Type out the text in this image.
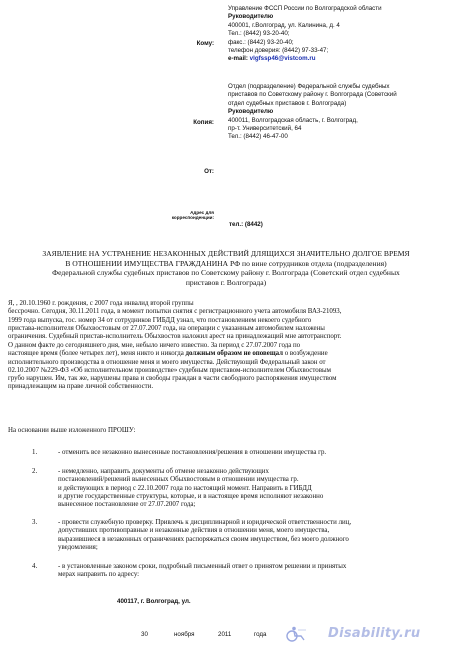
Кому:
Управление ФССП России по Волгоградской области
Руководителю
400001, г.Волгоград, ул. Калинина, д. 4
Тел.: (8442) 93-20-40;
факс.: (8442) 93-20-40;
телефон доверия: (8442) 97-33-47;
e-mail: vlgfssp46@vistcom.ru
Копия:
Отдел (подразделение) Федеральной службы судебных
приставов по Советскому району г. Волгограда (Советский
отдел судебных приставов г. Волгограда)
Руководителю
400011, Волгоградская область, г. Волгоград,
пр-т. Университетский, 64
Тел.: (8442) 46-47-00
От:
Адрес для
корреспонденции:
тел.: (8442)
ЗАЯВЛЕНИЕ НА УСТРАНЕНИЕ НЕЗАКОННЫХ ДЕЙСТВИЙ ДЛЯЩИХСЯ ЗНАЧИТЕЛЬНО ДОЛГОЕ ВРЕМЯ
В ОТНОШЕНИИ ИМУЩЕСТВА ГРАЖДАНИНА РФ по вине сотрудников отдела (подразделения)
Федеральной службы судебных приставов по Советскому району г. Волгограда (Советский отдел судебных
приставов г. Волгограда)
Я, , 20.10.1960 г. рождения, с 2007 года инвалид второй группы
бессрочно. Сегодня, 30.11.2011 года, в момент попытки снятия с регистрационного учета автомобиля ВАЗ-21093,
1999 года выпуска, гос. номер 34 от сотрудников ГИБДД узнал, что постановлением некоего судебного
пристава-исполнителя Обыхвостовым от 27.07.2007 года, на операции с указанным автомобилем наложены
ограничения. Судебный пристав-исполнитель Обыхвостов наложил арест на принадлежащий мне автотранспорт.
О данном факте до сегодняшнего дня, мне, небыло ничего известно. За период с 27.07.2007 года по
настоящее время (более четырех лет), меня никто и никогда должным образом не оповещал о возбуждение
исполнительного производства в отношение меня и моего имущества. Действующий Федеральный закон от
02.10.2007 №229-ФЗ «Об исполнительном производстве» судебным приставом-исполнителем Обыхвостовым
грубо нарушен. Им, так же, нарушены права и свободы граждан в части свободного распоряжения имуществом
принадлежащим на праве личной собственности.
На основании выше изложенного ПРОШУ:
1.	- отменить все незаконно вынесенные постановления/решения в отношении имущества гр.
2.	- немедленно, направить документы об отмене незаконно действующих
постановлений/решений вынесенных Обыхвостовым в отношении имущества гр.
и действующих в период с 22.10.2007 года по настоящий момент. Направить в ГИБДД
и другие государственные структуры, которые, и в настоящее время исполняют незаконно
вынесенное постановление от 27.07.2007 года;
3.	- провести служебную проверку. Привлечь к дисциплинарной и юридической ответственности лиц,
допустивших противоправные и незаконные действия в отношении меня, моего имущества,
выразившиеся в незаконных ограничениях распоряжаться своим имуществом, без моего должного
уведомления;
4.	- в установленные законом сроки, подробный письменный ответ о принятом решении и принятых
мерах направить по адресу:
400117, г. Волгоград, ул.
30	ноября	2011	года	Disability.ru
